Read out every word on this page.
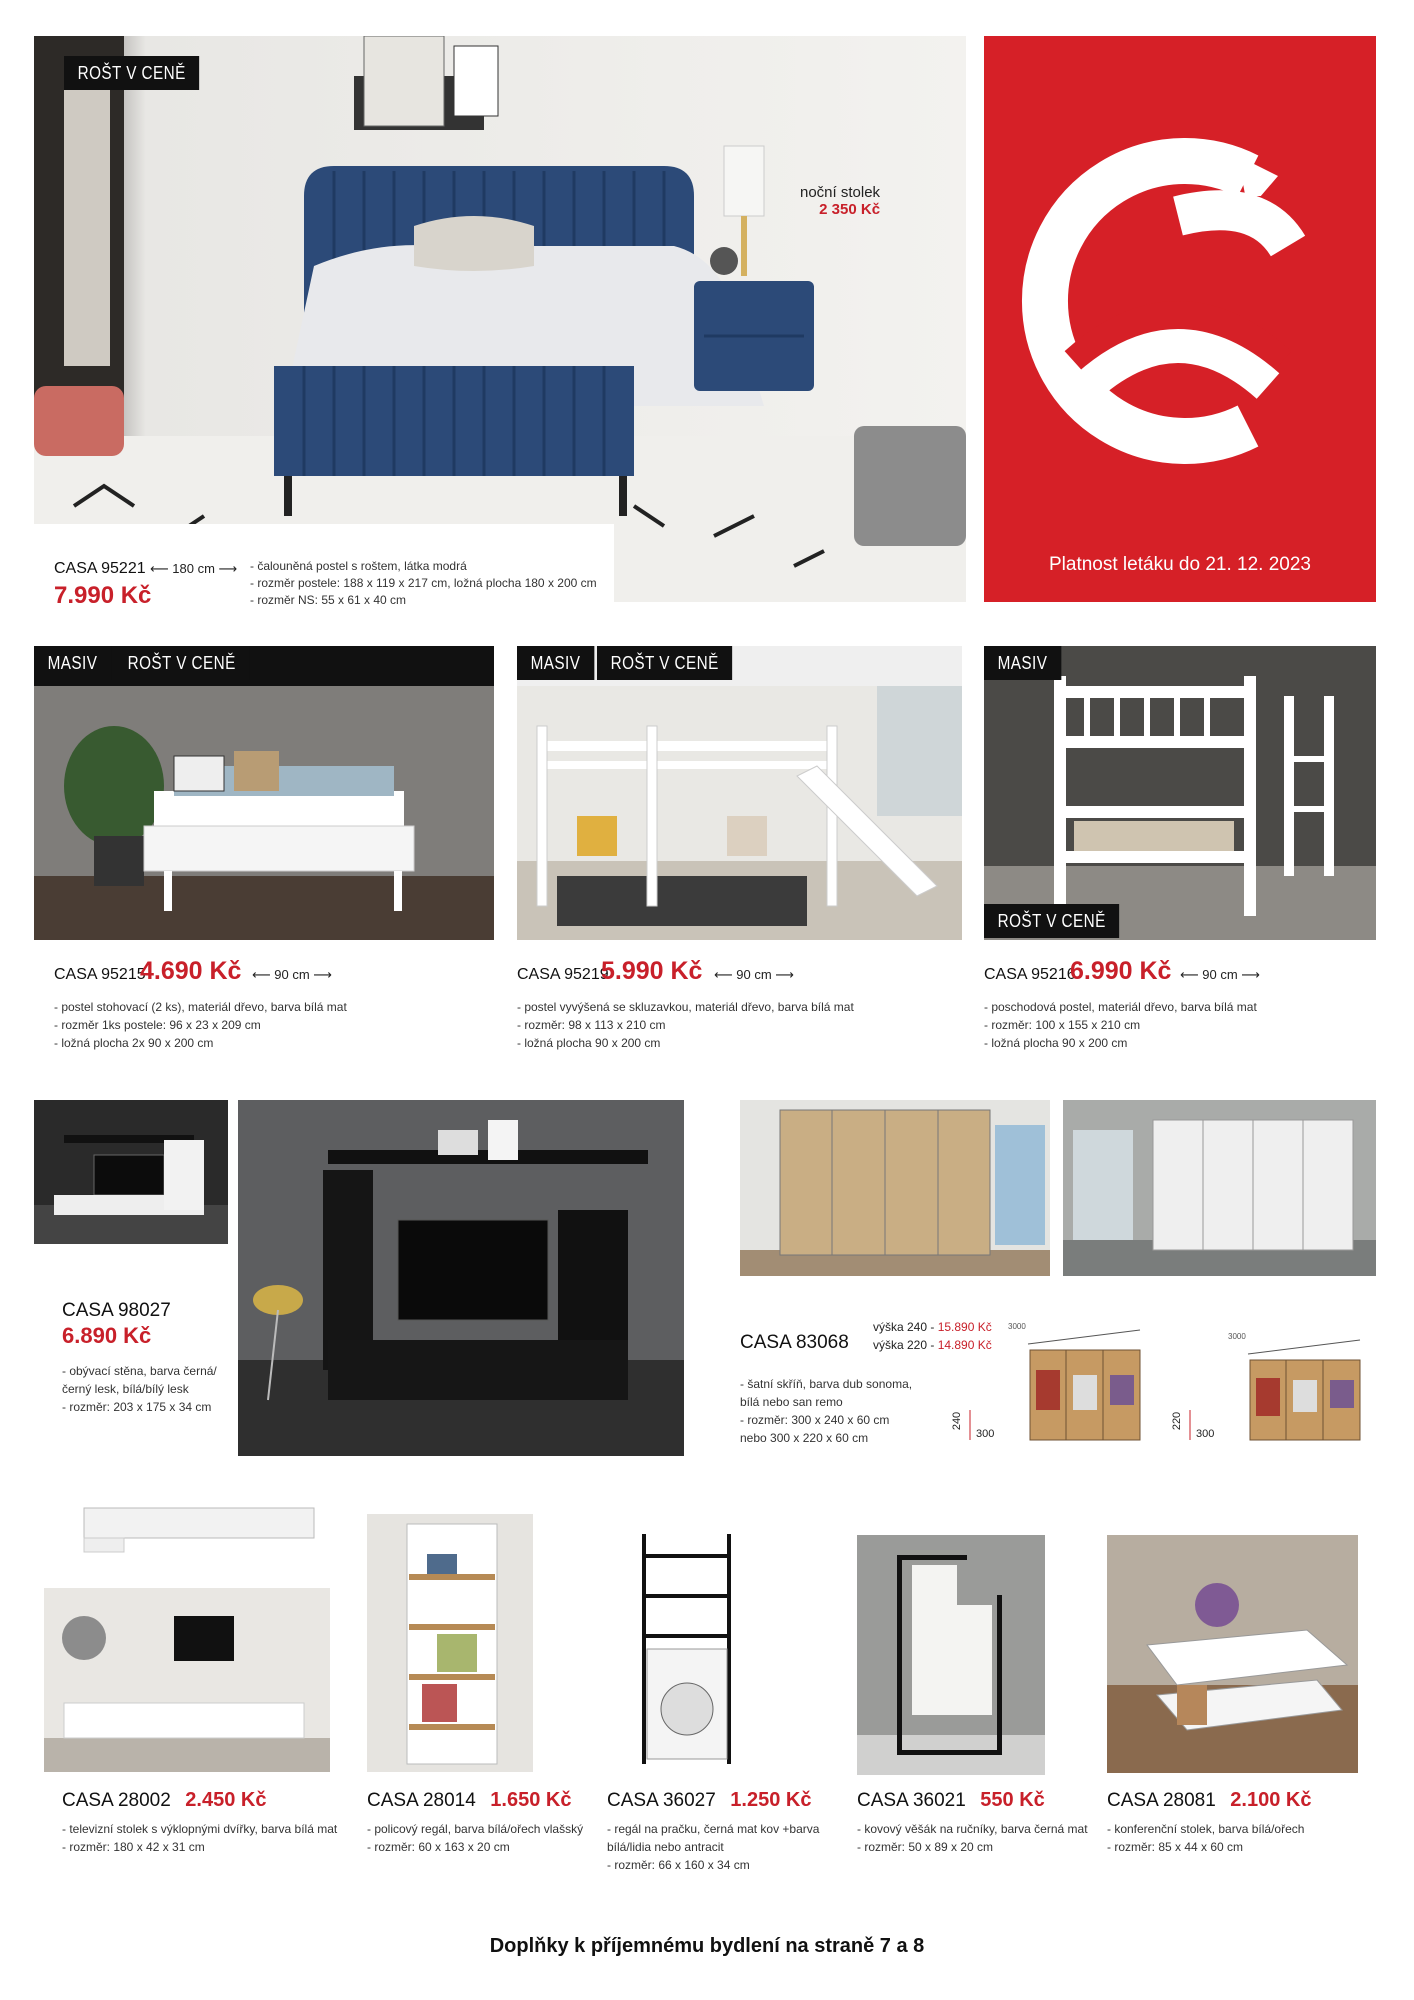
ROŠT V CENĚ
noční stolek
2 350 Kč
CASA 95221
7.990 Kč
⟵ 180 cm ⟶ - čalouněná postel s roštem, látka modrá
- rozměr postele: 188 x 119 x 217 cm, ložná plocha 180 x 200 cm
- rozměr NS: 55 x 61 x 40 cm
Platnost letáku do 21. 12. 2023
MASIV	ROŠT V CENĚ	MASIV	ROŠT V CENĚ	MASIV
ROŠT V CENĚ
CASA 95215
4.690 Kč ⟵ 90 cm ⟶
- postel stohovací (2 ks), materiál dřevo, barva bílá mat
- rozměr 1ks postele: 96 x 23 x 209 cm
- ložná plocha 2x 90 x 200 cm
CASA 95219
5.990 Kč ⟵ 90 cm ⟶
- postel vyvýšená se skluzavkou, materiál dřevo, barva bílá mat
- rozměr: 98 x 113 x 210 cm
- ložná plocha 90 x 200 cm
CASA 95216
6.990 Kč ⟵ 90 cm ⟶
- poschodová postel, materiál dřevo, barva bílá mat
- rozměr: 100 x 155 x 210 cm
- ložná plocha 90 x 200 cm
CASA 98027
6.890 Kč
- obývací stěna, barva černá/
černý lesk, bílá/bílý lesk
- rozměr: 203 x 175 x 34 cm
CASA 83068
výška 240 - 15.890 Kč
výška 220 - 14.890 Kč
- šatní skříň, barva dub sonoma,
bílá nebo san remo
- rozměr: 300 x 240 x 60 cm
nebo 300 x 220 x 60 cm
3000
240
300
3000
220
300
CASA 28002 2.450 Kč
- televizní stolek s výklopnými dvířky, barva bílá mat
- rozměr: 180 x 42 x 31 cm
CASA 28014 1.650 Kč
- policový regál, barva bílá/ořech vlašský
- rozměr: 60 x 163 x 20 cm
CASA 36027 1.250 Kč
- regál na pračku, černá mat kov +barva
bílá/lidia nebo antracit
- rozměr: 66 x 160 x 34 cm
CASA 36021 550 Kč
- kovový věšák na ručníky, barva černá mat
- rozměr: 50 x 89 x 20 cm
CASA 28081 2.100 Kč
- konferenční stolek, barva bílá/ořech
- rozměr: 85 x 44 x 60 cm
Doplňky k příjemnému bydlení na straně 7 a 8
